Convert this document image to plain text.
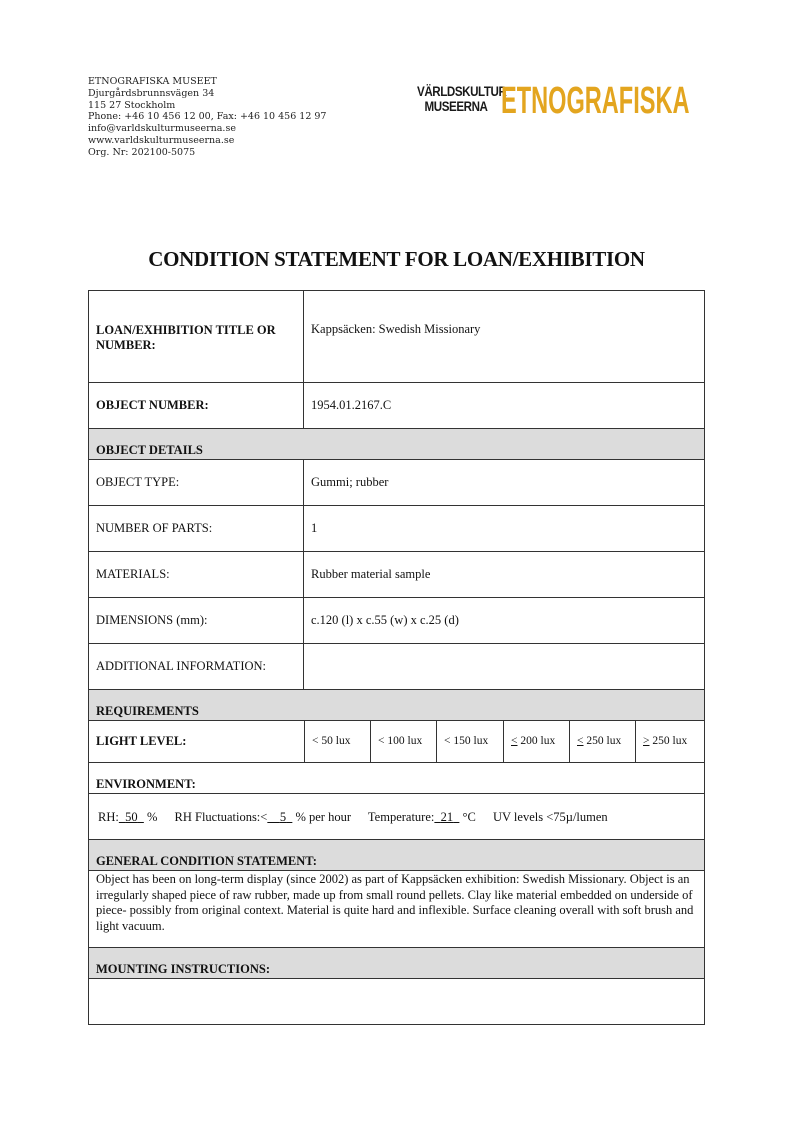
ETNOGRAFISKA MUSEET
Djurgårdsbrunnsvägen 34
115 27 Stockholm
Phone: +46 10 456 12 00, Fax: +46 10 456 12 97
info@varldskulturmuseerna.se
www.varldskulturmuseerna.se
Org. Nr: 202100-5075
VÄRLDSKULTUR
MUSEERNA ETNOGRAFISKA
CONDITION STATEMENT FOR LOAN/EXHIBITION
LOAN/EXHIBITION TITLE OR NUMBER:
Kappsäcken: Swedish Missionary
OBJECT NUMBER:	1954.01.2167.C
OBJECT DETAILS
OBJECT TYPE:	Gummi; rubber
NUMBER OF PARTS:	1
MATERIALS:	Rubber material sample
DIMENSIONS (mm):	c.120 (l) x c.55 (w) x c.25 (d)
ADDITIONAL INFORMATION:
REQUIREMENTS
LIGHT LEVEL:	< 50 lux	< 100 lux	< 150 lux	< 200 lux	< 250 lux	> 250 lux
ENVIRONMENT:
RH: 50 % RH Fluctuations:< 5 % per hour Temperature: 21 °C UV levels <75µ/lumen
GENERAL CONDITION STATEMENT:
Object has been on long-term display (since 2002) as part of Kappsäcken exhibition: Swedish Missionary. Object is an irregularly shaped piece of raw rubber, made up from small round pellets. Clay like material embedded on underside of piece- possibly from original context. Material is quite hard and inflexible. Surface cleaning overall with soft brush and light vacuum.
MOUNTING INSTRUCTIONS:
